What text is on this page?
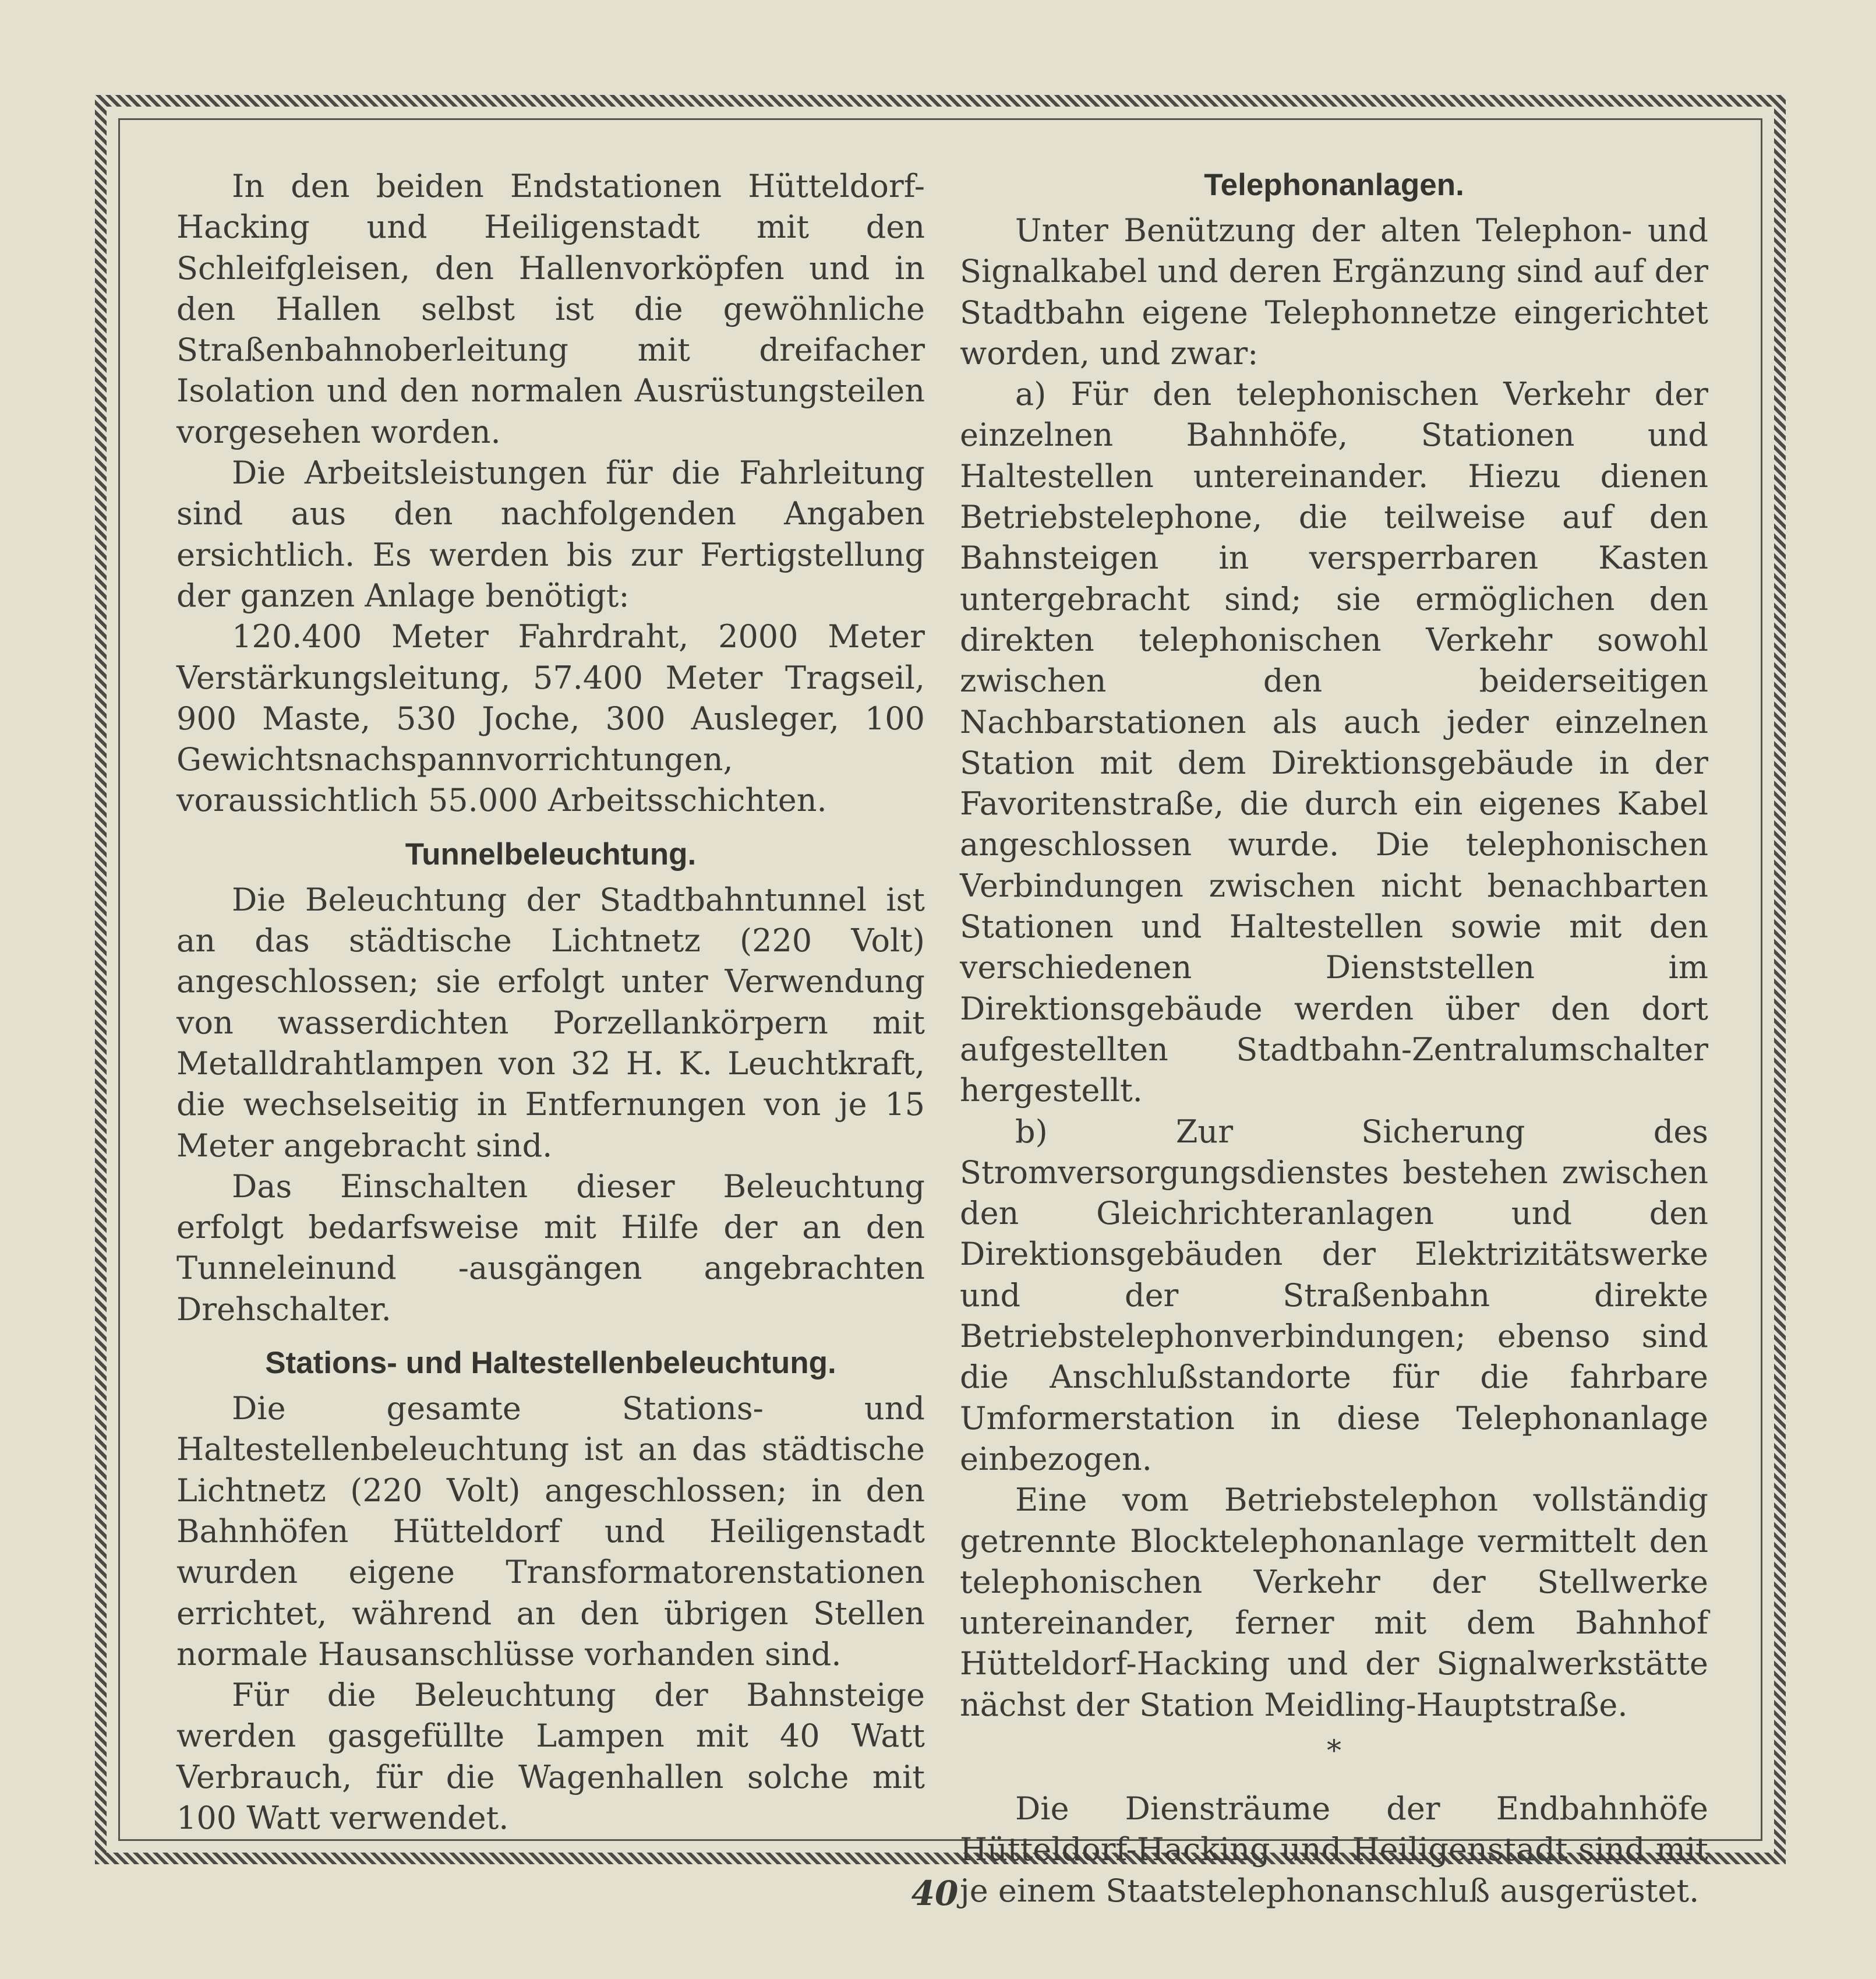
In den beiden Endstationen Hütteldorf-Hacking und Heiligenstadt mit den Schleifgleisen, den Hallenvorköpfen und in den Hallen selbst ist die gewöhnliche Straßenbahnoberleitung mit dreifacher Isolation und den normalen Ausrüstungsteilen vorgesehen worden.

Die Arbeitsleistungen für die Fahrleitung sind aus den nachfolgenden Angaben ersichtlich. Es werden bis zur Fertigstellung der ganzen Anlage benötigt:

120.400 Meter Fahrdraht, 2000 Meter Verstärkungsleitung, 57.400 Meter Tragseil, 900 Maste, 530 Joche, 300 Ausleger, 100 Gewichtsnachspannvorrichtungen, voraussichtlich 55.000 Arbeitsschichten.

Tunnelbeleuchtung.

Die Beleuchtung der Stadtbahntunnel ist an das städtische Lichtnetz (220 Volt) angeschlossen; sie erfolgt unter Verwendung von wasserdichten Porzellankörpern mit Metalldrahtlampen von 32 H. K. Leuchtkraft, die wechselseitig in Entfernungen von je 15 Meter angebracht sind.

Das Einschalten dieser Beleuchtung erfolgt bedarfsweise mit Hilfe der an den Tunneleinund -ausgängen angebrachten Drehschalter.

Stations- und Haltestellenbeleuchtung.

Die gesamte Stations- und Haltestellenbeleuchtung ist an das städtische Lichtnetz (220 Volt) angeschlossen; in den Bahnhöfen Hütteldorf und Heiligenstadt wurden eigene Transformatorenstationen errichtet, während an den übrigen Stellen normale Hausanschlüsse vorhanden sind.

Für die Beleuchtung der Bahnsteige werden gasgefüllte Lampen mit 40 Watt Verbrauch, für die Wagenhallen solche mit 100 Watt verwendet.

Telephonanlagen.

Unter Benützung der alten Telephon- und Signalkabel und deren Ergänzung sind auf der Stadtbahn eigene Telephonnetze eingerichtet worden, und zwar:

a) Für den telephonischen Verkehr der einzelnen Bahnhöfe, Stationen und Haltestellen untereinander. Hiezu dienen Betriebstelephone, die teilweise auf den Bahnsteigen in versperrbaren Kasten untergebracht sind; sie ermöglichen den direkten telephonischen Verkehr sowohl zwischen den beiderseitigen Nachbarstationen als auch jeder einzelnen Station mit dem Direktionsgebäude in der Favoritenstraße, die durch ein eigenes Kabel angeschlossen wurde. Die telephonischen Verbindungen zwischen nicht benachbarten Stationen und Haltestellen sowie mit den verschiedenen Dienststellen im Direktionsgebäude werden über den dort aufgestellten Stadtbahn-Zentralumschalter hergestellt.

b) Zur Sicherung des Stromversorgungsdienstes bestehen zwischen den Gleichrichteranlagen und den Direktionsgebäuden der Elektrizitätswerke und der Straßenbahn direkte Betriebstelephonverbindungen; ebenso sind die Anschlußstandorte für die fahrbare Umformerstation in diese Telephonanlage einbezogen.

Eine vom Betriebstelephon vollständig getrennte Blocktelephonanlage vermittelt den telephonischen Verkehr der Stellwerke untereinander, ferner mit dem Bahnhof Hütteldorf-Hacking und der Signalwerkstätte nächst der Station Meidling-Hauptstraße.

*

Die Diensträume der Endbahnhöfe Hütteldorf-Hacking und Heiligenstadt sind mit je einem Staatstelephonanschluß ausgerüstet.

40
